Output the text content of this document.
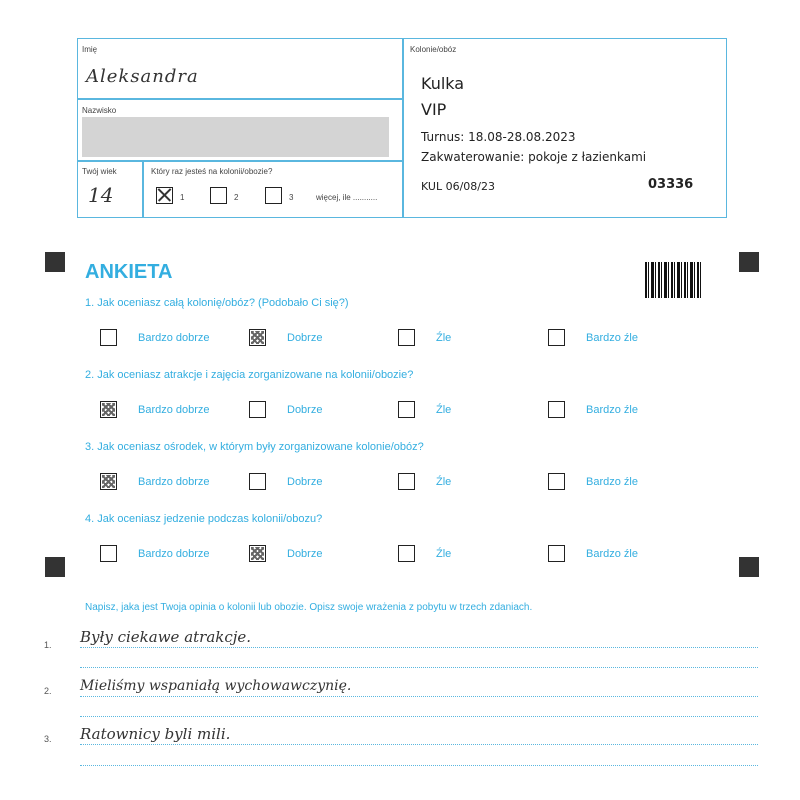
Imię
Aleksandra
Nazwisko
Twój wiek
14
Który raz jesteś na kolonii/obozie?
1	2	3	więcej, ile ...........
Kolonie/obóz
Kulka
VIP
Turnus: 18.08-28.08.2023
Zakwaterowanie: pokoje z łazienkami
KUL 06/08/23	03336
ANKIETA
1. Jak oceniasz całą kolonię/obóz? (Podobało Ci się?)
2. Jak oceniasz atrakcje i zajęcia zorganizowane na kolonii/obozie?
3. Jak oceniasz ośrodek, w którym były zorganizowane kolonie/obóz?
4. Jak oceniasz jedzenie podczas kolonii/obozu?
Bardzo dobrze	Dobrze	Źle	Bardzo źle
Bardzo dobrze	Dobrze	Źle	Bardzo źle
Bardzo dobrze	Dobrze	Źle	Bardzo źle
Bardzo dobrze	Dobrze	Źle	Bardzo źle
Napisz, jaka jest Twoja opinia o kolonii lub obozie. Opisz swoje wrażenia z pobytu w trzech zdaniach.
1. Były ciekawe atrakcje.
2. Mieliśmy wspaniałą wychowawczynię.
3. Ratownicy byli mili.
